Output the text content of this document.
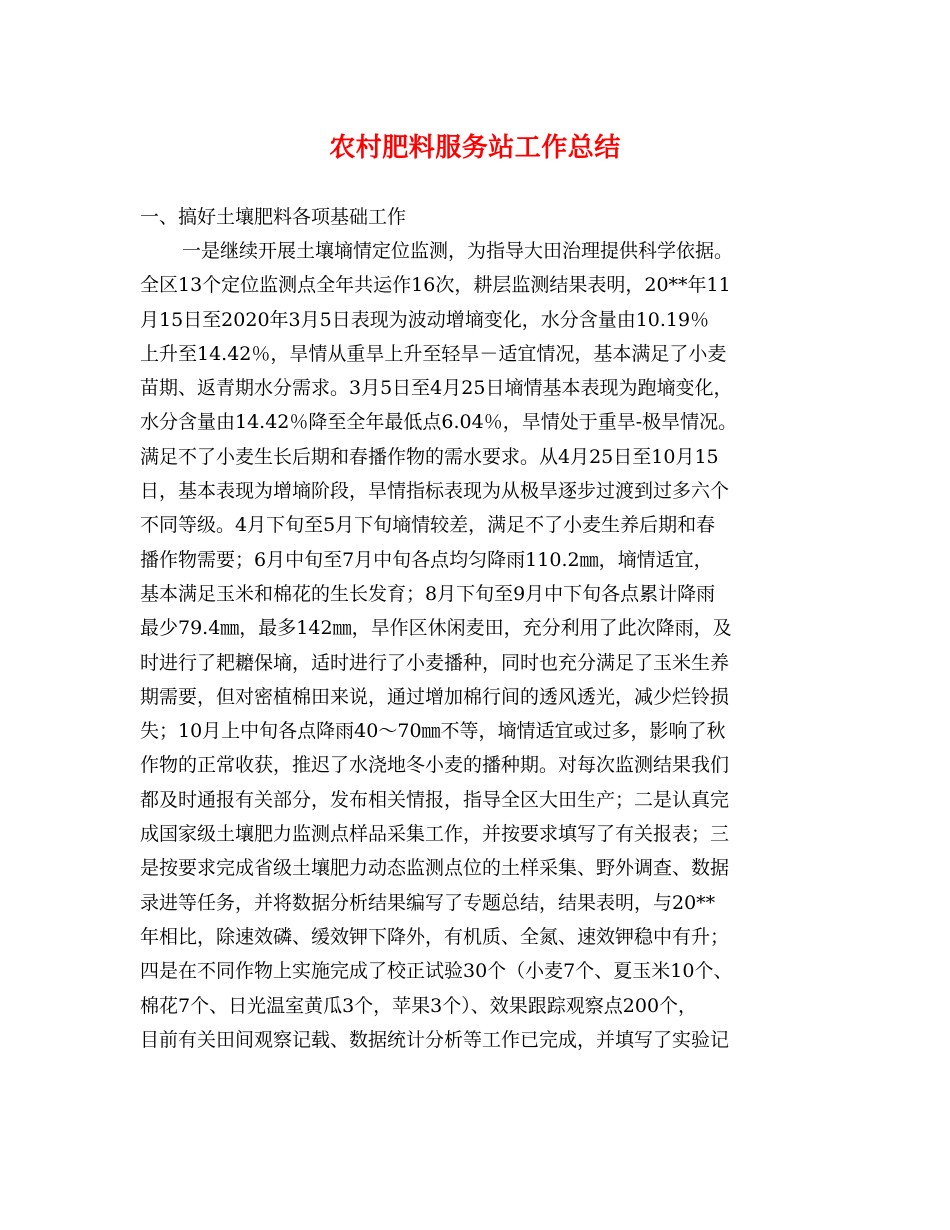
农村肥料服务站工作总结
一、搞好土壤肥料各项基础工作
一是继续开展土壤墒情定位监测，为指导大田治理提供科学依据。
全区13个定位监测点全年共运作16次，耕层监测结果表明，20**年11
月15日至2020年3月5日表现为波动增墒变化，水分含量由10.19％
上升至14.42％，旱情从重旱上升至轻旱－适宜情况，基本满足了小麦
苗期、返青期水分需求。3月5日至4月25日墒情基本表现为跑墒变化，
水分含量由14.42％降至全年最低点6.04％，旱情处于重旱-极旱情况。
满足不了小麦生长后期和春播作物的需水要求。从4月25日至10月15
日，基本表现为增墒阶段，旱情指标表现为从极旱逐步过渡到过多六个
不同等级。4月下旬至5月下旬墒情较差，满足不了小麦生养后期和春
播作物需要；6月中旬至7月中旬各点均匀降雨110.2㎜，墒情适宜，
基本满足玉米和棉花的生长发育；8月下旬至9月中下旬各点累计降雨
最少79.4㎜，最多142㎜，旱作区休闲麦田，充分利用了此次降雨，及
时进行了耙耱保墒，适时进行了小麦播种，同时也充分满足了玉米生养
期需要，但对密植棉田来说，通过增加棉行间的透风透光，减少烂铃损
失；10月上中旬各点降雨40～70㎜不等，墒情适宜或过多，影响了秋
作物的正常收获，推迟了水浇地冬小麦的播种期。对每次监测结果我们
都及时通报有关部分，发布相关情报，指导全区大田生产；二是认真完
成国家级土壤肥力监测点样品采集工作，并按要求填写了有关报表；三
是按要求完成省级土壤肥力动态监测点位的土样采集、野外调查、数据
录进等任务，并将数据分析结果编写了专题总结，结果表明，与20**
年相比，除速效磷、缓效钾下降外，有机质、全氮、速效钾稳中有升；
四是在不同作物上实施完成了校正试验30个（小麦7个、夏玉米10个、
棉花7个、日光温室黄瓜3个，苹果3个）、效果跟踪观察点200个，
目前有关田间观察记载、数据统计分析等工作已完成，并填写了实验记
